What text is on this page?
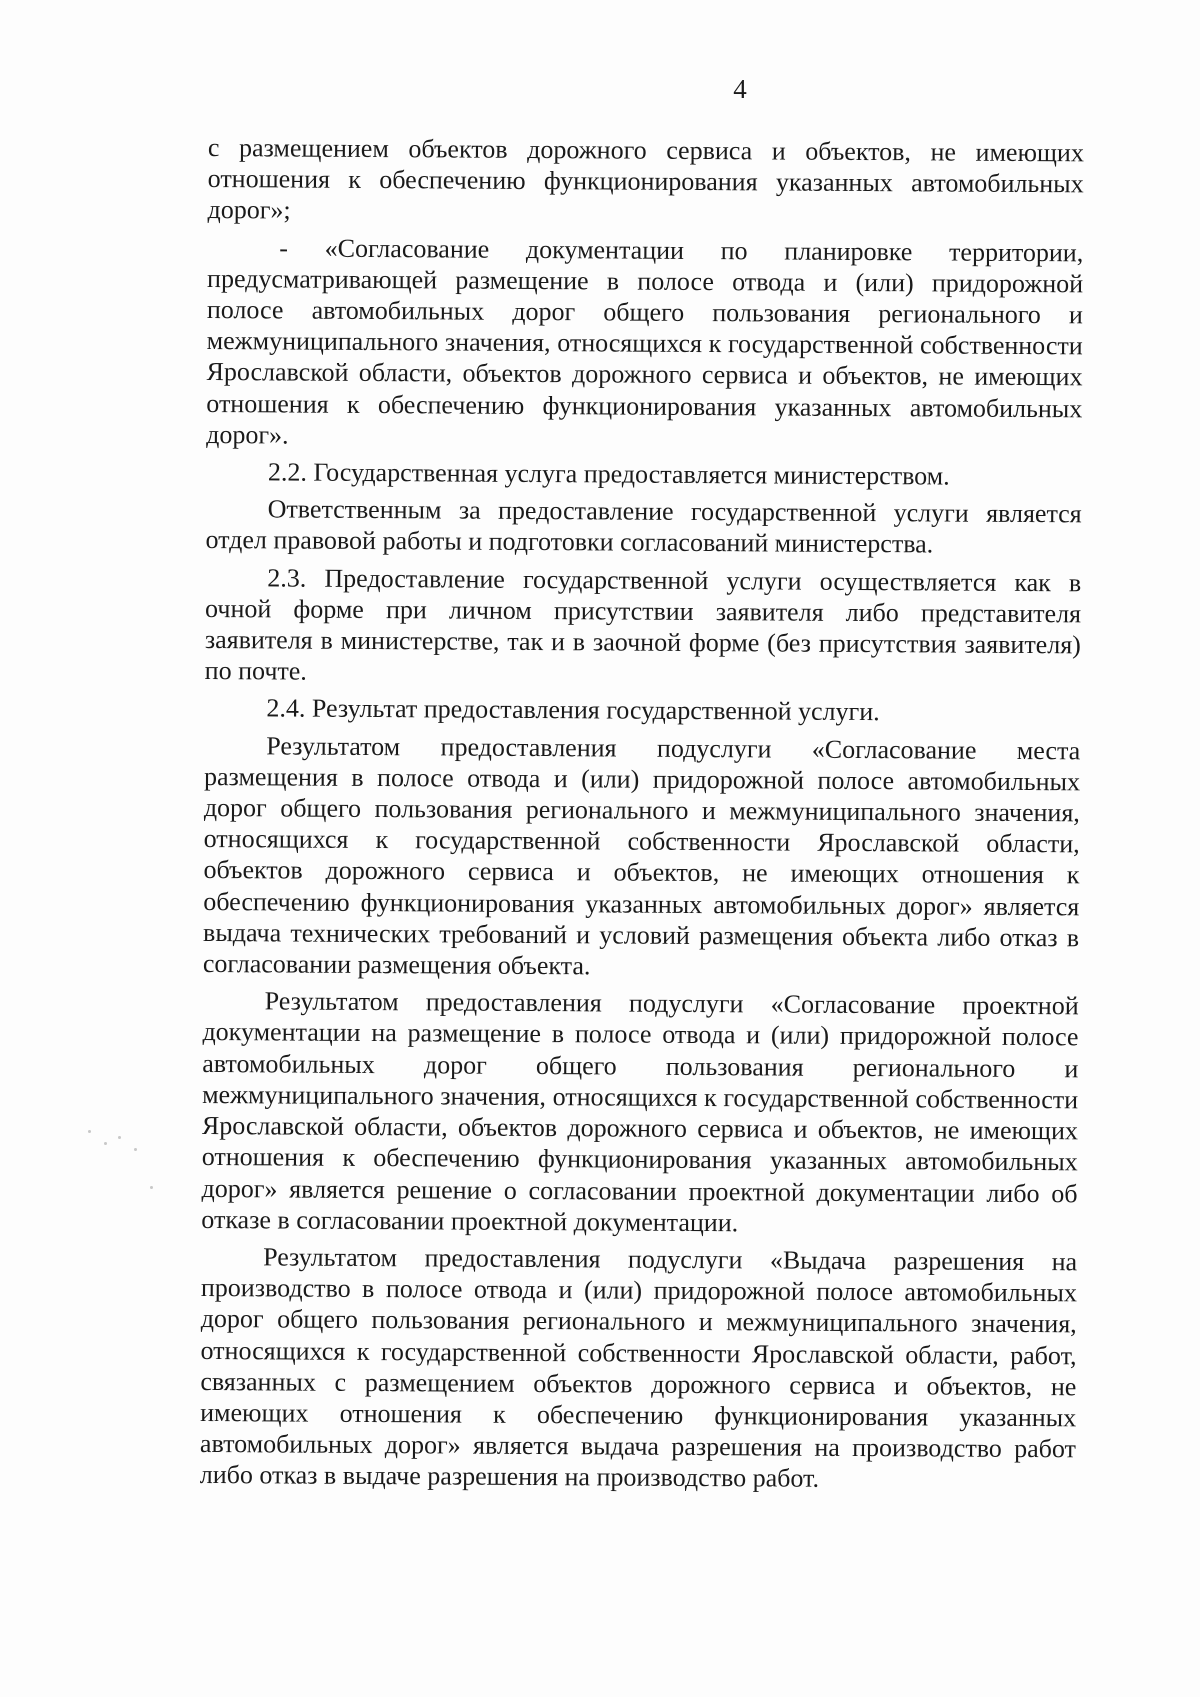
4

с размещением объектов дорожного сервиса и объектов, не имеющих отношения к обеспечению функционирования указанных автомобильных дорог»;

- «Согласование документации по планировке территории, предусматривающей размещение в полосе отвода и (или) придорожной полосе автомобильных дорог общего пользования регионального и межмуниципального значения, относящихся к государственной собственности Ярославской области, объектов дорожного сервиса и объектов, не имеющих отношения к обеспечению функционирования указанных автомобильных дорог».

2.2. Государственная услуга предоставляется министерством.

Ответственным за предоставление государственной услуги является отдел правовой работы и подготовки согласований министерства.

2.3. Предоставление государственной услуги осуществляется как в очной форме при личном присутствии заявителя либо представителя заявителя в министерстве, так и в заочной форме (без присутствия заявителя) по почте.

2.4. Результат предоставления государственной услуги.

Результатом предоставления подуслуги «Согласование места размещения в полосе отвода и (или) придорожной полосе автомобильных дорог общего пользования регионального и межмуниципального значения, относящихся к государственной собственности Ярославской области, объектов дорожного сервиса и объектов, не имеющих отношения к обеспечению функционирования указанных автомобильных дорог» является выдача технических требований и условий размещения объекта либо отказ в согласовании размещения объекта.

Результатом предоставления подуслуги «Согласование проектной документации на размещение в полосе отвода и (или) придорожной полосе автомобильных дорог общего пользования регионального и межмуниципального значения, относящихся к государственной собственности Ярославской области, объектов дорожного сервиса и объектов, не имеющих отношения к обеспечению функционирования указанных автомобильных дорог» является решение о согласовании проектной документации либо об отказе в согласовании проектной документации.

Результатом предоставления подуслуги «Выдача разрешения на производство в полосе отвода и (или) придорожной полосе автомобильных дорог общего пользования регионального и межмуниципального значения, относящихся к государственной собственности Ярославской области, работ, связанных с размещением объектов дорожного сервиса и объектов, не имеющих отношения к обеспечению функционирования указанных автомобильных дорог» является выдача разрешения на производство работ либо отказ в выдаче разрешения на производство работ.
